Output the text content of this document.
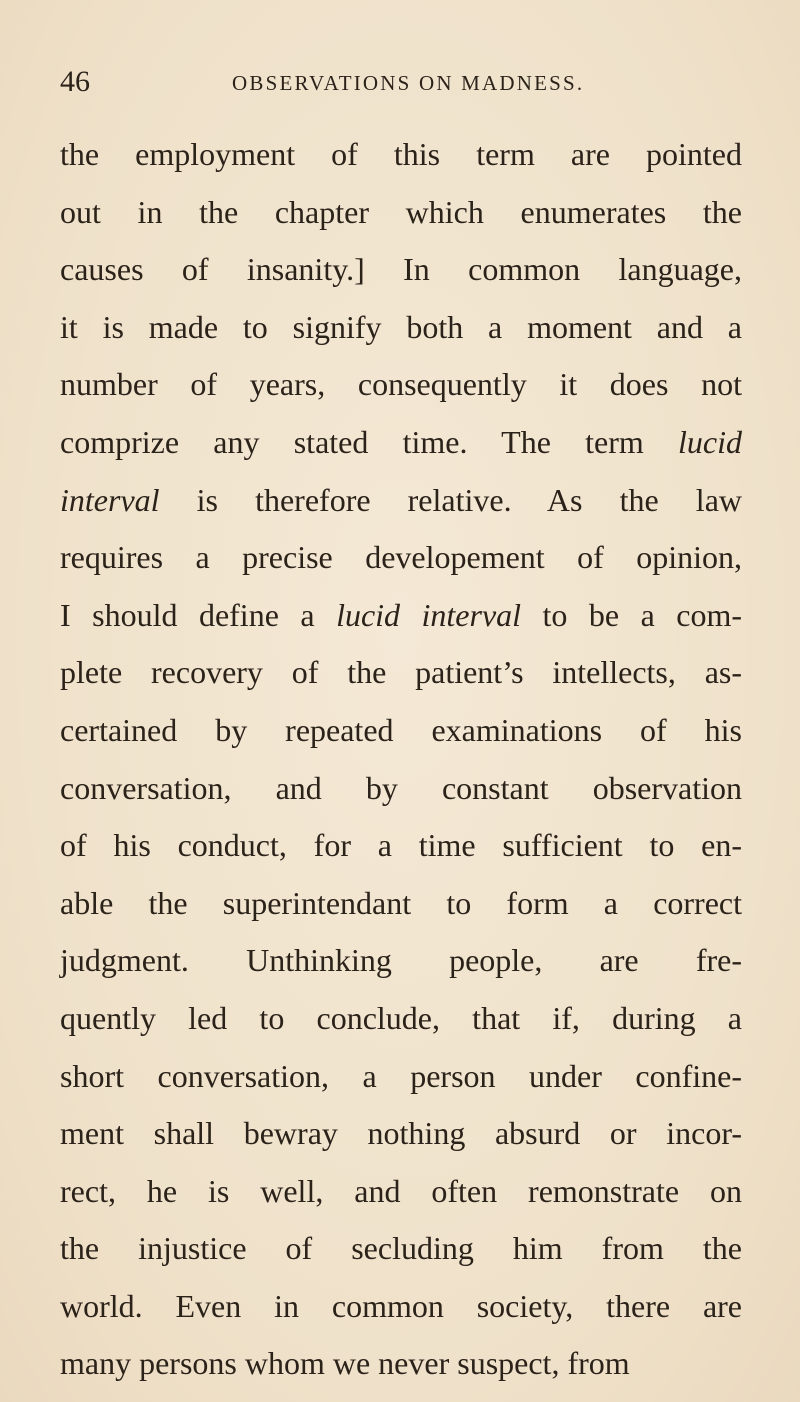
46	OBSERVATIONS ON MADNESS.
the employment of this term are pointed
out in the chapter which enumerates the
causes of insanity.] In common language,
it is made to signify both a moment and a
number of years, consequently it does not
comprize any stated time. The term lucid
interval is therefore relative. As the law
requires a precise developement of opinion,
I should define a lucid interval to be a com-
plete recovery of the patient’s intellects, as-
certained by repeated examinations of his
conversation, and by constant observation
of his conduct, for a time sufficient to en-
able the superintendant to form a correct
judgment. Unthinking people, are fre-
quently led to conclude, that if, during a
short conversation, a person under confine-
ment shall bewray nothing absurd or incor-
rect, he is well, and often remonstrate on
the injustice of secluding him from the
world. Even in common society, there are
many persons whom we never suspect, from
